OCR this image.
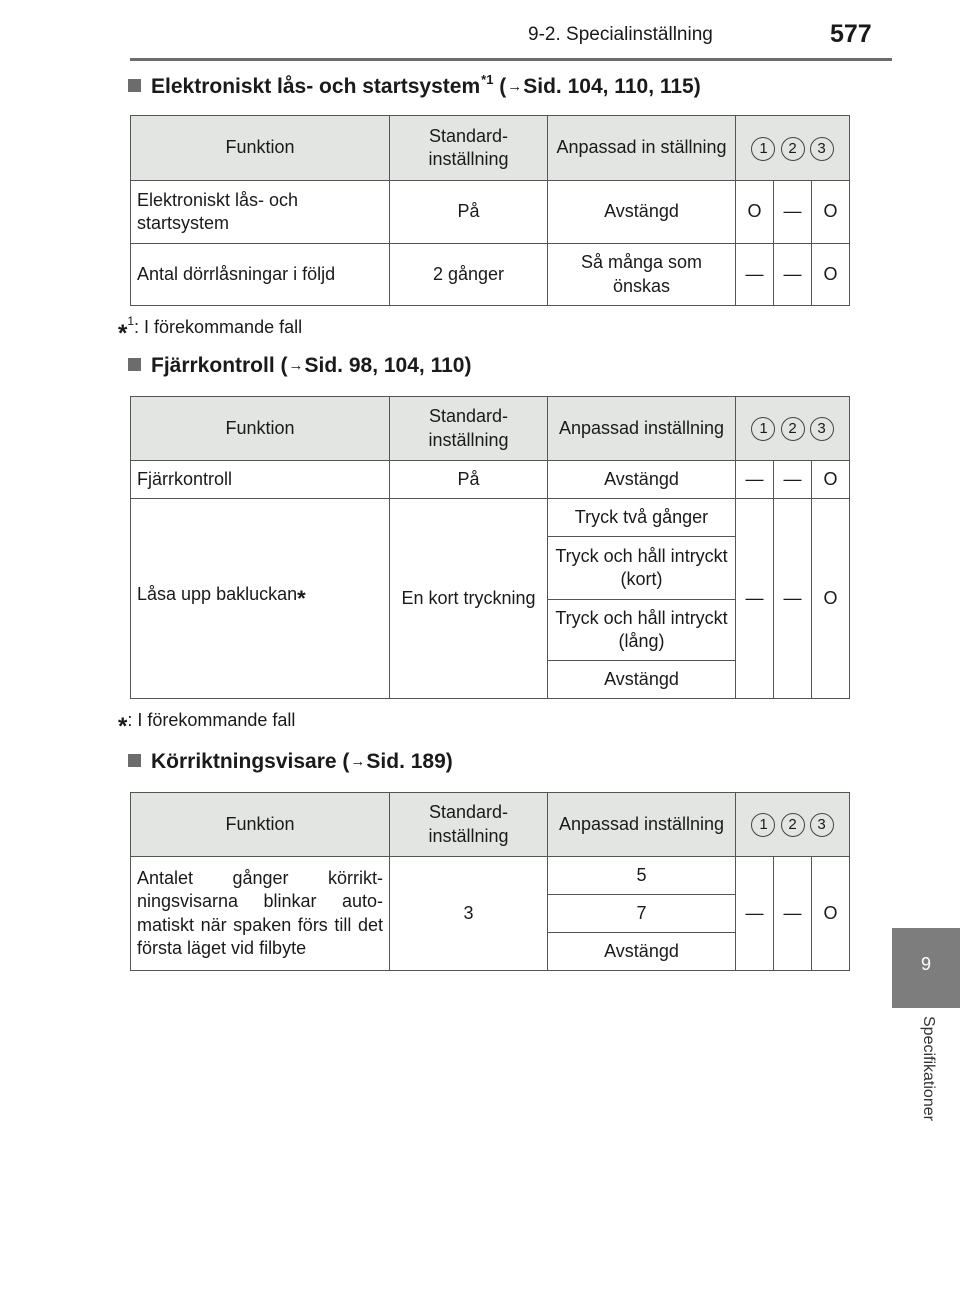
9-2. Specialinställning	577
9
Specifikationer
Elektroniskt lås- och startsystem$^{*1}$ (→Sid. 104, 110, 115)
Funktion	Standard-inställning	Anpassad in ställning	1 2 3		
Elektroniskt lås- och startsystem	På	Avstängd	O	—	O
Antal dörrlåsningar i följd	2 gånger	Så många som önskas	—	—	O
*$^1$: I förekommande fall
Fjärrkontroll (→Sid. 98, 104, 110)
Funktion	Standard-inställning	Anpassad inställning	1 2 3		
Fjärrkontroll	På	Avstängd	—	—	O
Låsa upp bakluckan*	En kort tryckning	Tryck två gånger	—	—	O
		Tryck och håll intryckt (kort)			
		Tryck och håll intryckt (lång)			
		Avstängd			
*: I förekommande fall
Körriktningsvisare (→Sid. 189)
Funktion	Standard-inställning	Anpassad inställning	1 2 3		
Antalet gånger körrikt-ningsvisarna blinkar auto-matiskt när spaken förs till det första läget vid filbyte	3	5	—	—	O
		7			
		Avstängd			
